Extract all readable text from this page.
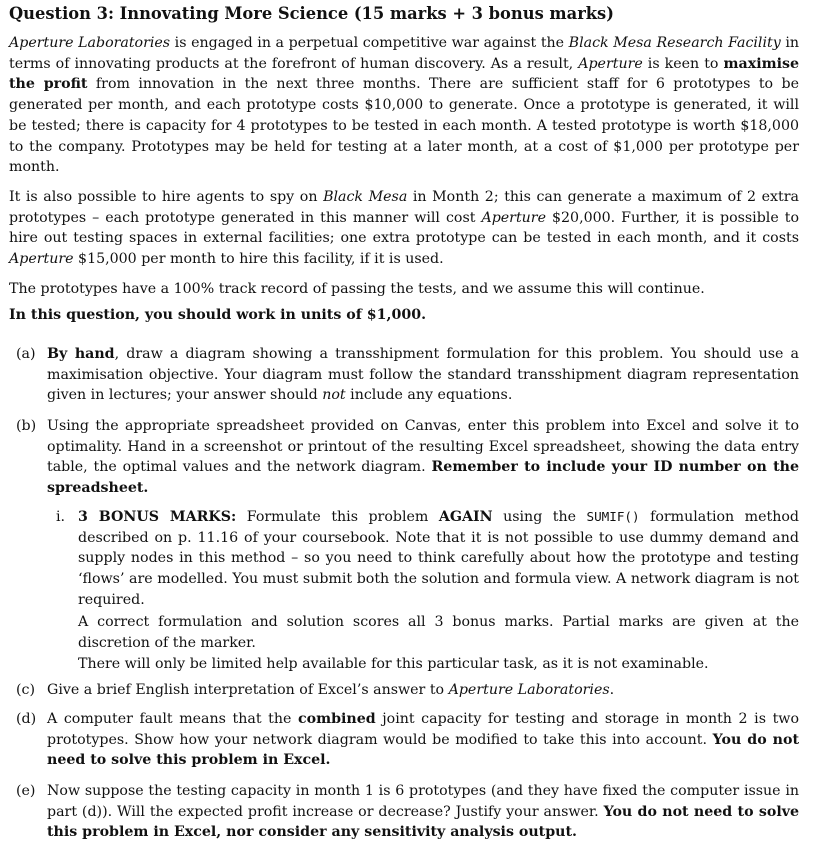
Question 3: Innovating More Science (15 marks + 3 bonus marks)

Aperture Laboratories is engaged in a perpetual competitive war against the Black Mesa Research Facility in terms of innovating products at the forefront of human discovery. As a result, Aperture is keen to maximise the profit from innovation in the next three months. There are sufficient staff for 6 prototypes to be generated per month, and each prototype costs $10,000 to generate. Once a prototype is generated, it will be tested; there is capacity for 4 prototypes to be tested in each month. A tested prototype is worth $18,000 to the company. Prototypes may be held for testing at a later month, at a cost of $1,000 per prototype per month.

It is also possible to hire agents to spy on Black Mesa in Month 2; this can generate a maximum of 2 extra prototypes – each prototype generated in this manner will cost Aperture $20,000. Further, it is possible to hire out testing spaces in external facilities; one extra prototype can be tested in each month, and it costs Aperture $15,000 per month to hire this facility, if it is used.

The prototypes have a 100% track record of passing the tests, and we assume this will continue.
In this question, you should work in units of $1,000.
(a) By hand, draw a diagram showing a transshipment formulation for this problem. You should use a maximisation objective. Your diagram must follow the standard transshipment diagram representation given in lectures; your answer should not include any equations.
(b) Using the appropriate spreadsheet provided on Canvas, enter this problem into Excel and solve it to optimality. Hand in a screenshot or printout of the resulting Excel spreadsheet, showing the data entry table, the optimal values and the network diagram. Remember to include your ID number on the spreadsheet.
i. 3 BONUS MARKS: Formulate this problem AGAIN using the SUMIF() formulation method described on p. 11.16 of your coursebook. Note that it is not possible to use dummy demand and supply nodes in this method – so you need to think carefully about how the prototype and testing ‘flows’ are modelled. You must submit both the solution and formula view. A network diagram is not required.
A correct formulation and solution scores all 3 bonus marks. Partial marks are given at the discretion of the marker.
There will only be limited help available for this particular task, as it is not examinable.
(c) Give a brief English interpretation of Excel’s answer to Aperture Laboratories.
(d) A computer fault means that the combined joint capacity for testing and storage in month 2 is two prototypes. Show how your network diagram would be modified to take this into account. You do not need to solve this problem in Excel.
(e) Now suppose the testing capacity in month 1 is 6 prototypes (and they have fixed the computer issue in part (d)). Will the expected profit increase or decrease? Justify your answer. You do not need to solve this problem in Excel, nor consider any sensitivity analysis output.
